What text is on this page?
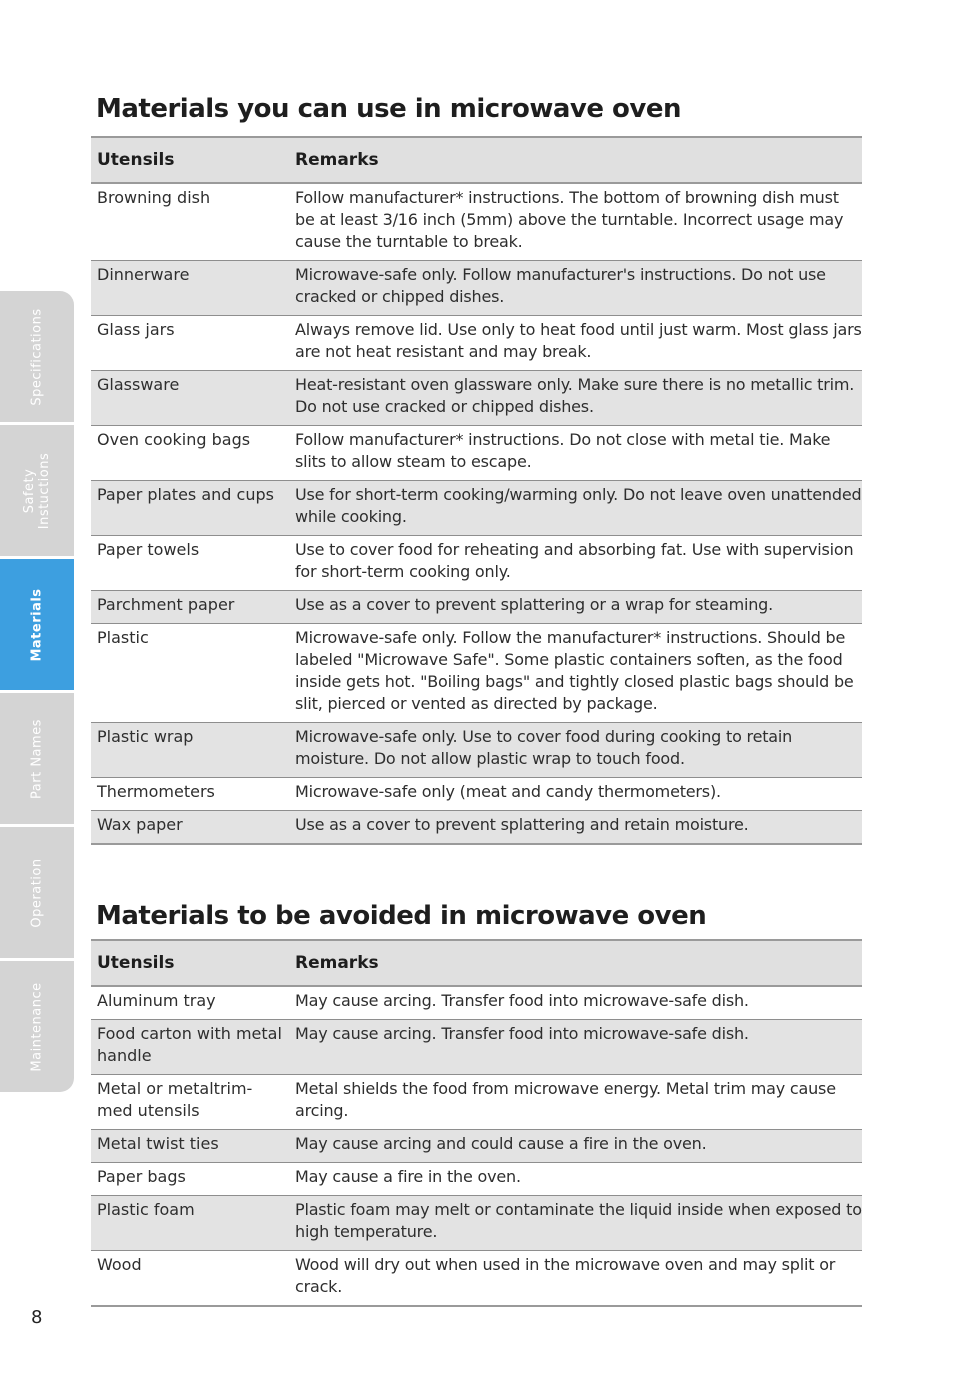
Specifications
Safety
Instuctions
Materials
Part Names
Operation
Maintenance
Materials you can use in microwave oven
Utensils	Remarks
Browning dish	Follow manufacturer* instructions. The bottom of browning dish must be at least 3/16 inch (5mm) above the turntable. Incorrect usage may cause the turntable to break.
Dinnerware	Microwave-safe only. Follow manufacturer's instructions. Do not use cracked or chipped dishes.
Glass jars	Always remove lid. Use only to heat food until just warm. Most glass jars are not heat resistant and may break.
Glassware	Heat-resistant oven glassware only. Make sure there is no metallic trim. Do not use cracked or chipped dishes.
Oven cooking bags	Follow manufacturer* instructions. Do not close with metal tie. Make slits to allow steam to escape.
Paper plates and cups	Use for short-term cooking/warming only. Do not leave oven unattended while cooking.
Paper towels	Use to cover food for reheating and absorbing fat. Use with supervision for short-term cooking only.
Parchment paper	Use as a cover to prevent splattering or a wrap for steaming.
Plastic	Microwave-safe only. Follow the manufacturer* instructions. Should be labeled "Microwave Safe". Some plastic containers soften, as the food inside gets hot. "Boiling bags" and tightly closed plastic bags should be slit, pierced or vented as directed by package.
Plastic wrap	Microwave-safe only. Use to cover food during cooking to retain moisture. Do not allow plastic wrap to touch food.
Thermometers	Microwave-safe only (meat and candy thermometers).
Wax paper	Use as a cover to prevent splattering and retain moisture.
Materials to be avoided in microwave oven
Utensils	Remarks
Aluminum tray	May cause arcing. Transfer food into microwave-safe dish.
Food carton with metal handle	May cause arcing. Transfer food into microwave-safe dish.
Metal or metaltrim-med utensils	Metal shields the food from microwave energy. Metal trim may cause arcing.
Metal twist ties	May cause arcing and could cause a fire in the oven.
Paper bags	May cause a fire in the oven.
Plastic foam	Plastic foam may melt or contaminate the liquid inside when exposed to high temperature.
Wood	Wood will dry out when used in the microwave oven and may split or crack.
8
